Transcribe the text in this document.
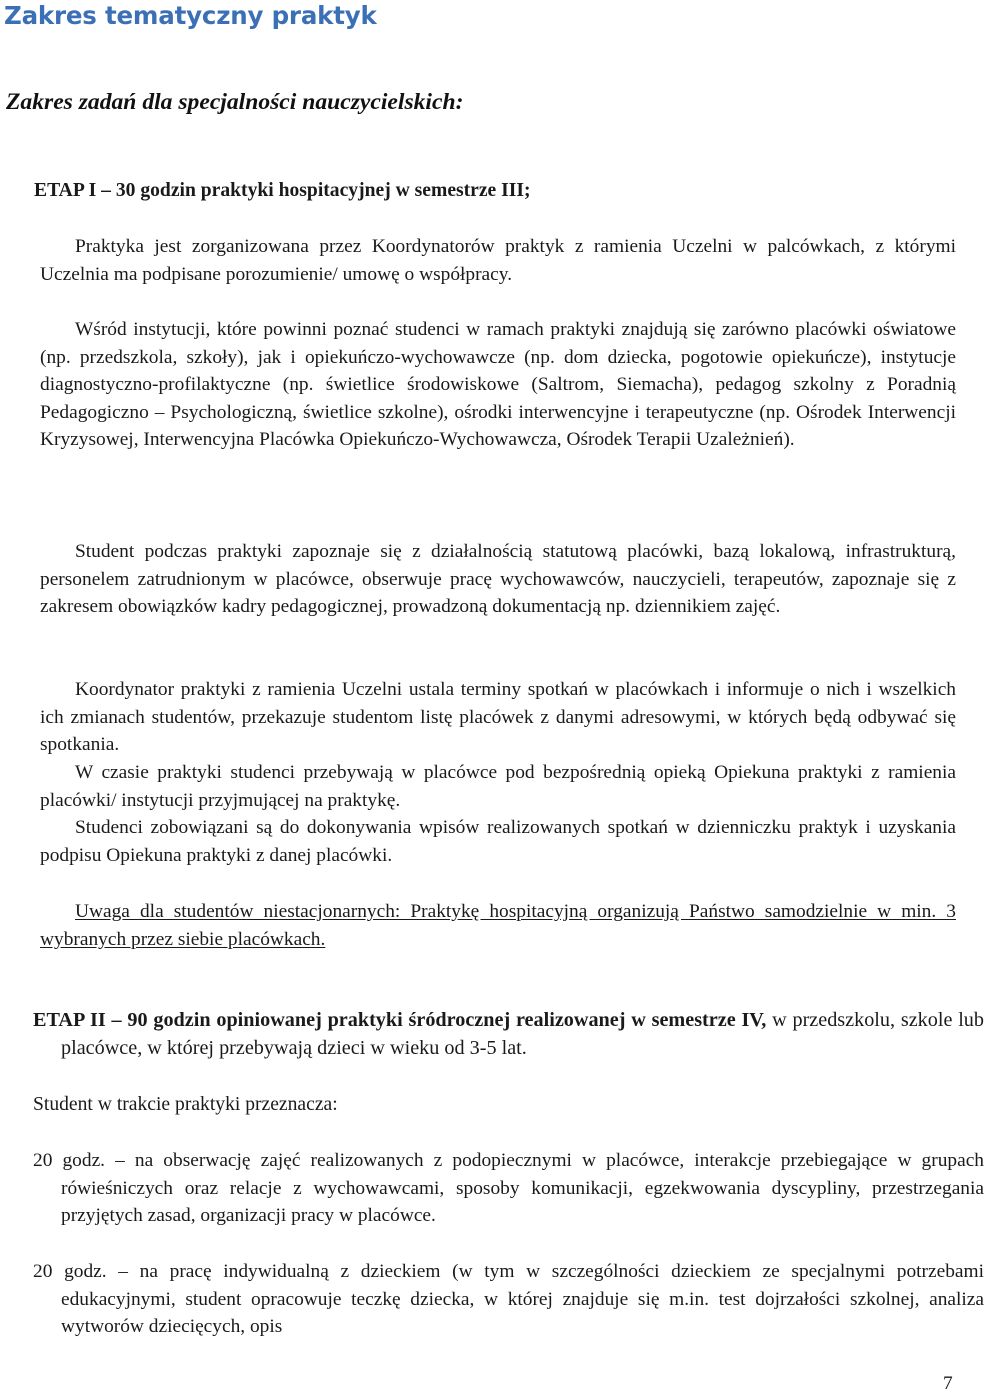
Zakres tematyczny praktyk
Zakres zadań dla specjalności nauczycielskich:
ETAP I – 30 godzin praktyki hospitacyjnej w semestrze III;

Praktyka jest zorganizowana przez Koordynatorów praktyk z ramienia Uczelni w palcówkach, z którymi Uczelnia ma podpisane porozumienie/ umowę o współpracy.

Wśród instytucji, które powinni poznać studenci w ramach praktyki znajdują się zarówno placówki oświatowe (np. przedszkola, szkoły), jak i opiekuńczo-wychowawcze (np. dom dziecka, pogotowie opiekuńcze), instytucje diagnostyczno-profilaktyczne (np. świetlice środowiskowe (Saltrom, Siemacha), pedagog szkolny z Poradnią Pedagogiczno – Psychologiczną, świetlice szkolne), ośrodki interwencyjne i terapeutyczne (np. Ośrodek Interwencji Kryzysowej, Interwencyjna Placówka Opiekuńczo-Wychowawcza, Ośrodek Terapii Uzależnień).

Student podczas praktyki zapoznaje się z działalnością statutową placówki, bazą lokalową, infrastrukturą, personelem zatrudnionym w placówce, obserwuje pracę wychowawców, nauczycieli, terapeutów, zapoznaje się z zakresem obowiązków kadry pedagogicznej, prowadzoną dokumentacją np. dziennikiem zajęć.

Koordynator praktyki z ramienia Uczelni ustala terminy spotkań w placówkach i informuje o nich i wszelkich ich zmianach studentów, przekazuje studentom listę placówek z danymi adresowymi, w których będą odbywać się spotkania.

W czasie praktyki studenci przebywają w placówce pod bezpośrednią opieką Opiekuna praktyki z ramienia placówki/ instytucji przyjmującej na praktykę.

Studenci zobowiązani są do dokonywania wpisów realizowanych spotkań w dzienniczku praktyk i uzyskania podpisu Opiekuna praktyki z danej placówki.

Uwaga dla studentów niestacjonarnych: Praktykę hospitacyjną organizują Państwo samodzielnie w min. 3 wybranych przez siebie placówkach.

ETAP II – 90 godzin opiniowanej praktyki śródrocznej realizowanej w semestrze IV, w przedszkolu, szkole lub placówce, w której przebywają dzieci w wieku od 3-5 lat.

Student w trakcie praktyki przeznacza:

20 godz. – na obserwację zajęć realizowanych z podopiecznymi w placówce, interakcje przebiegające w grupach rówieśniczych oraz relacje z wychowawcami, sposoby komunikacji, egzekwowania dyscypliny, przestrzegania przyjętych zasad, organizacji pracy w placówce.

20 godz. – na pracę indywidualną z dzieckiem (w tym w szczególności dzieckiem ze specjalnymi potrzebami edukacyjnymi, student opracowuje teczkę dziecka, w której znajduje się m.in. test dojrzałości szkolnej, analiza wytworów dziecięcych, opis

7
